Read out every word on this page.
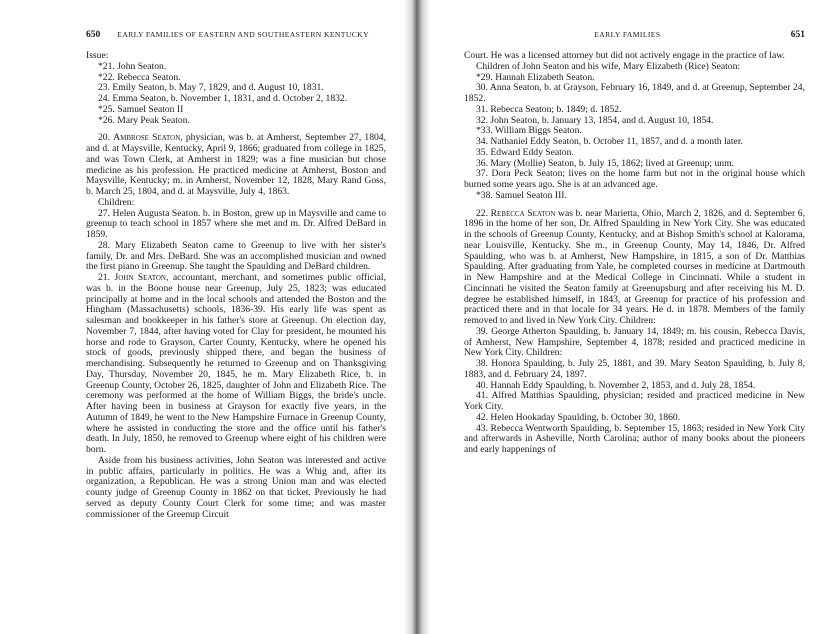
650 EARLY FAMILIES OF EASTERN AND SOUTHEASTERN KENTUCKY

Issue:

*21. John Seaton.

*22. Rebecca Seaton.

23. Emily Seaton, b. May 7, 1829, and d. August 10, 1831.

24. Emma Seaton, b. November 1, 1831, and d. October 2, 1832.

*25. Samuel Seaton II

*26. Mary Peak Seaton.

20. Ambrose Seaton, physician, was b. at Amherst, September 27, 1804, and d. at Maysville, Kentucky, April 9, 1866; graduated from college in 1825, and was Town Clerk, at Amherst in 1829; was a fine musician but chose medicine as his profession. He practiced medicine at Amherst, Boston and Maysville, Kentucky; m. in Amherst, November 12, 1828, Mary Rand Goss, b. March 25, 1804, and d. at Maysville, July 4, 1863.

Children:

27. Helen Augusta Seaton. b. in Boston, grew up in Maysville and came to greenup to teach school in 1857 where she met and m. Dr. Alfred DeBard in 1859.

28. Mary Elizabeth Seaton came to Greenup to live with her sister's family, Dr. and Mrs. DeBard. She was an accomplished musician and owned the first piano in Greenup. She taught the Spaulding and DeBard children.

21. John Seaton, accountant, merchant, and sometimes public official, was b. in the Boone house near Greenup, July 25, 1823; was educated principally at home and in the local schools and attended the Boston and the Hingham (Massachusetts) schools, 1836-39. His early life was spent as salesman and bookkeeper in his father's store at Greenup. On election day, November 7, 1844, after having voted for Clay for president, he mounted his horse and rode to Grayson, Carter County, Kentucky, where he opened his stock of goods, previously shipped there, and began the business of merchandising. Subsequently he returned to Greenup and on Thanksgiving Day, Thursday, November 20, 1845, he m. Mary Elizabeth Rice, b. in Greenup County, October 26, 1825, daughter of John and Elizabeth Rice. The ceremony was performed at the home of William Biggs, the bride's uncle. After having been in business at Grayson for exactly five years, in the Autumn of 1849, he went to the New Hampshire Furnace in Greenup County, where he assisted in conducting the store and the office until his father's death. In July, 1850, he removed to Greenup where eight of his children were born.

Aside from his business activities, John Seaton was interested and active in public affairs, particularly in politics. He was a Whig and, after its organization, a Republican. He was a strong Union man and was elected county judge of Greenup County in 1862 on that ticket. Previously he had served as deputy County Court Clerk for some time; and was master commissioner of the Greenup Circuit

EARLY FAMILIES	651

Court. He was a licensed attorney but did not actively engage in the practice of law.

Children of John Seaton and his wife, Mary Elizabeth (Rice) Seaton:

*29. Hannah Elizabeth Seaton.

30. Anna Seaton, b. at Grayson, February 16, 1849, and d. at Greenup, September 24, 1852.

31. Rebecca Seaton; b. 1849; d. 1852.

32. John Seaton, b. January 13, 1854, and d. August 10, 1854.

*33. William Biggs Seaton.

34. Nathaniel Eddy Seaton, b. October 11, 1857, and d. a month later.

35. Edward Eddy Seaton.

36. Mary (Mollie) Seaton, b. July 15, 1862; lived at Greenup; unm.

37. Dora Peck Seaton; lives on the home farm but not in the original house which burned some years ago. She is at an advanced age.

*38. Samuel Seaton III.

22. Rebecca Seaton was b. near Marietta, Ohio, March 2, 1826, and d. September 6, 1896 in the home of her son, Dr. Alfred Spaulding in New York City. She was educated in the schools of Greenup County, Kentucky, and at Bishop Smith's school at Kalorama, near Louisville, Kentucky. She m., in Greenup County, May 14, 1846, Dr. Alfred Spaulding, who was b. at Amherst, New Hampshire, in 1815, a son of Dr. Matthias Spaulding. After graduating from Yale, he completed courses in medicine at Dartmouth in New Hampshire and at the Medical College in Cincinnati. While a student in Cincinnati he visited the Seaton family at Greenupsburg and after receiving his M. D. degree he established himself, in 1843, at Greenup for practice of his profession and practiced there and in that locale for 34 years. He d. in 1878. Members of the family removed to and lived in New York City. Children:

39. George Atherton Spaulding, b. January 14, 1849; m. his cousin, Rebecca Davis, of Amherst, New Hampshire, September 4, 1878; resided and practiced medicine in New York City. Children:

38. Honora Spaulding, b. July 25, 1881, and 39. Mary Seaton Spaulding, b. July 8, 1883, and d. February 24, 1897.

40. Hannah Eddy Spaulding, b. November 2, 1853, and d. July 28, 1854.

41. Alfred Matthias Spaulding, physician; resided and practiced medicine in New York City.

42. Helen Hookaday Spaulding, b. October 30, 1860.

43. Rebecca Wentworth Spaulding, b. September 15, 1863; resided in New York City and afterwards in Asheville, North Carolina; author of many books about the pioneers and early happenings of
